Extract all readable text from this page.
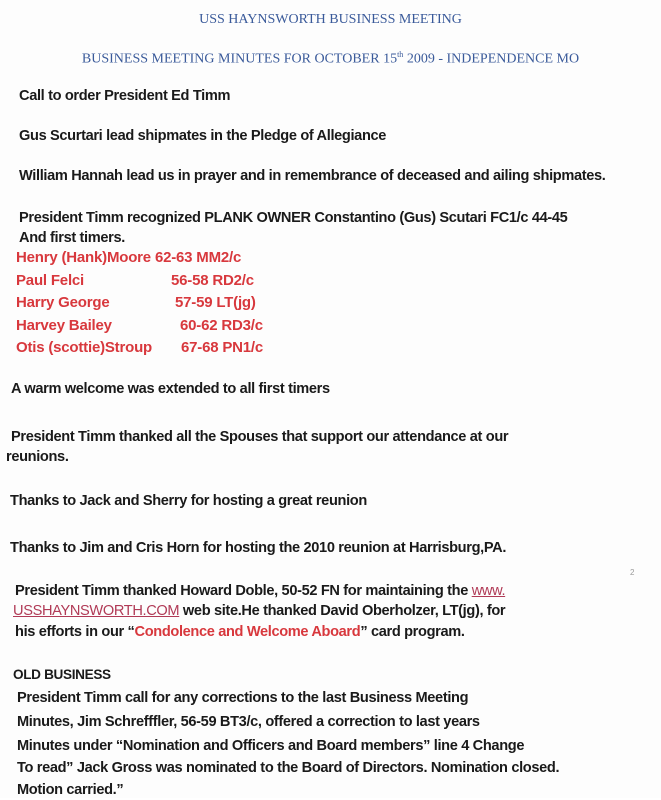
USS HAYNSWORTH BUSINESS MEETING
BUSINESS MEETING MINUTES FOR OCTOBER 15th 2009 - INDEPENDENCE MO
Call to order President Ed Timm
Gus Scurtari lead shipmates in the Pledge of Allegiance
William Hannah lead us in prayer and in remembrance of deceased and ailing shipmates.
President Timm recognized PLANK OWNER Constantino (Gus) Scutari FC1/c 44-45
And first timers.
Henry (Hank)Moore 62-63 MM2/c
Paul Felci	56-58 RD2/c
Harry George	57-59 LT(jg)
Harvey Bailey	60-62 RD3/c
Otis (scottie)Stroup 67-68 PN1/c
A warm welcome was extended to all first timers
President Timm thanked all the Spouses that support our attendance at our
reunions.
Thanks to Jack and Sherry for hosting a great reunion
Thanks to Jim and Cris Horn for hosting the 2010 reunion at Harrisburg,PA.
President Timm thanked Howard Doble, 50-52 FN for maintaining the www.
USSHAYNSWORTH.COM web site.He thanked David Oberholzer, LT(jg), for
his efforts in our “Condolence and Welcome Aboard” card program.
2
OLD BUSINESS
President Timm call for any corrections to the last Business Meeting
Minutes, Jim Schrefffler, 56-59 BT3/c, offered a correction to last years
Minutes under “Nomination and Officers and Board members” line 4 Change
To read” Jack Gross was nominated to the Board of Directors. Nomination closed.
Motion carried.”
